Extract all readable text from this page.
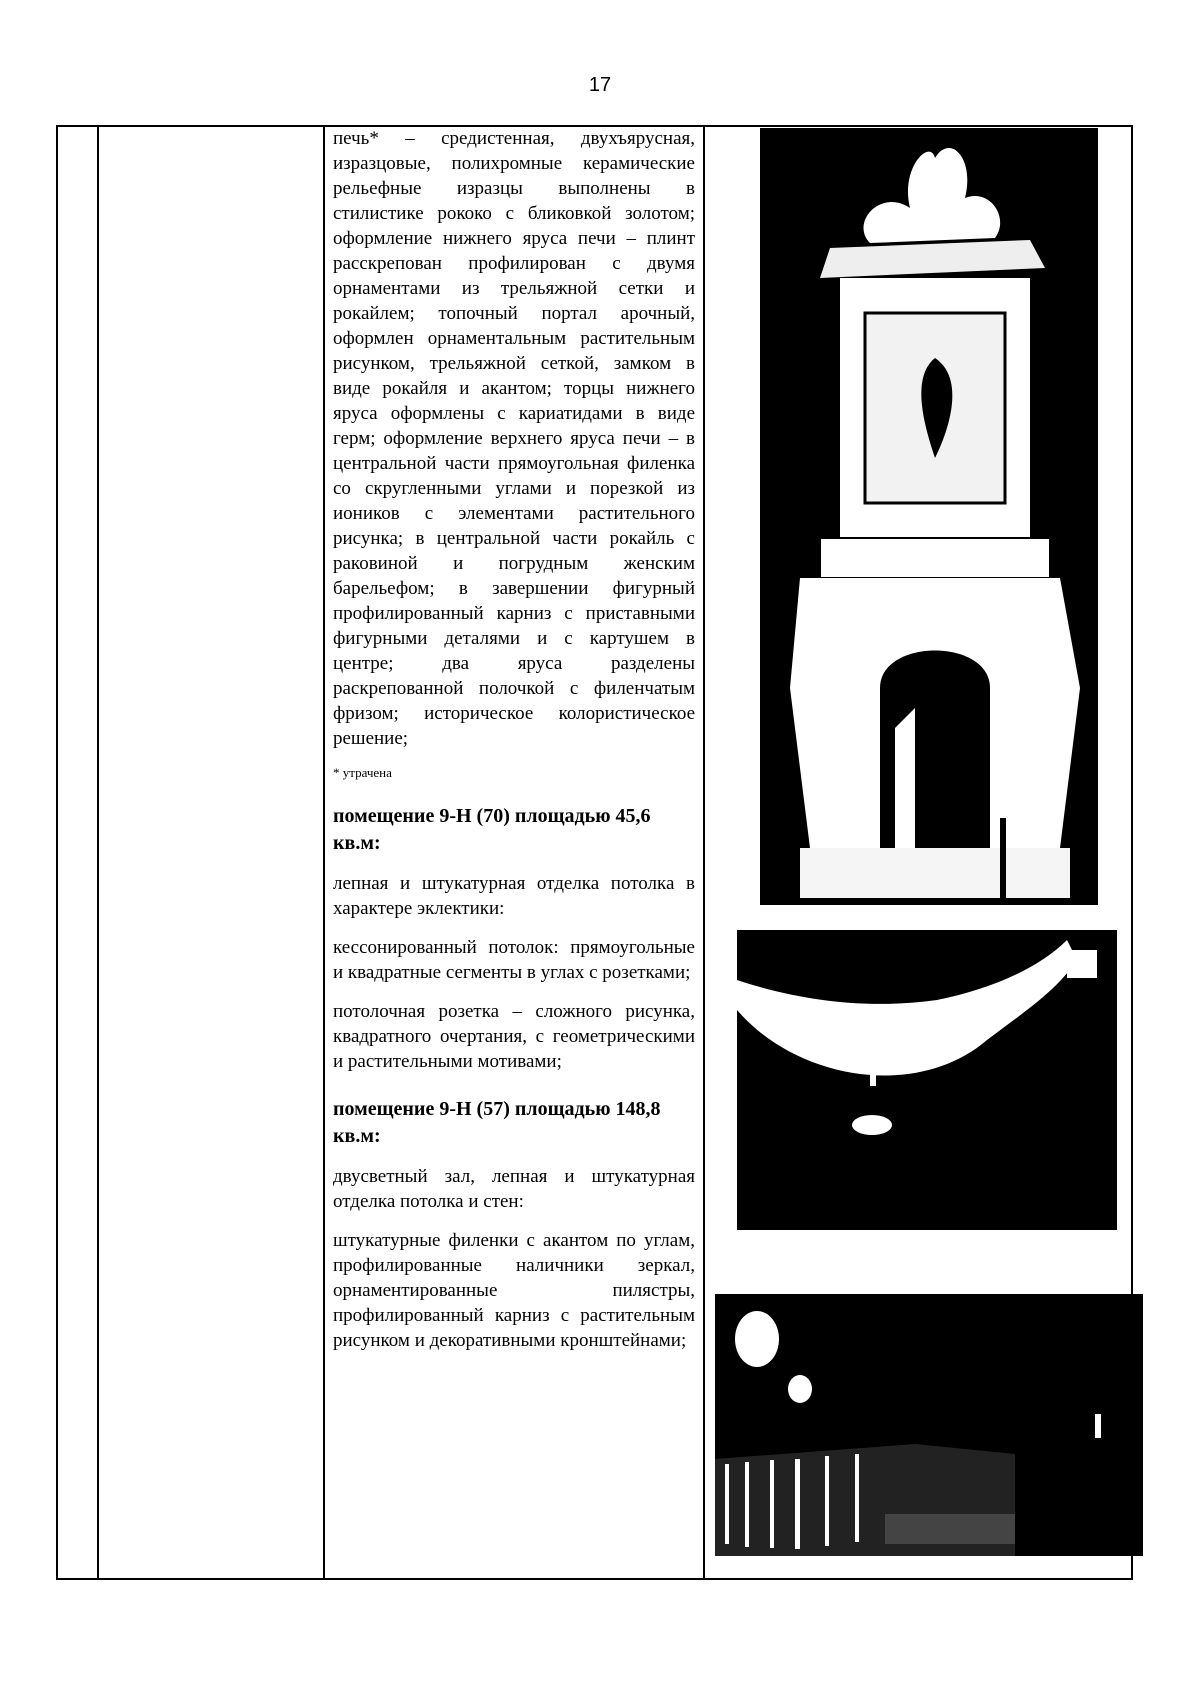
17

печь* – средистенная, двухъярусная, изразцовые, полихромные керамические рельефные изразцы выполнены в стилистике рококо с бликовкой золотом; оформление нижнего яруса печи – плинт расскрепован профилирован с двумя орнаментами из трельяжной сетки и рокайлем; топочный портал арочный, оформлен орнаментальным растительным рисунком, трельяжной сеткой, замком в виде рокайля и акантом; торцы нижнего яруса оформлены с кариатидами в виде герм; оформление верхнего яруса печи – в центральной части прямоугольная филенка со скругленными углами и порезкой из иоников с элементами растительного рисунка; в центральной части рокайль с раковиной и погрудным женским барельефом; в завершении фигурный профилированный карниз с приставными фигурными деталями и с картушем в центре; два яруса разделены раскрепованной полочкой с филенчатым фризом; историческое колористическое решение;

* утрачена

помещение 9-Н (70) площадью 45,6 кв.м:

лепная и штукатурная отделка потолка в характере эклектики:

кессонированный потолок: прямоугольные и квадратные сегменты в углах с розетками;

потолочная розетка – сложного рисунка, квадратного очертания, с геометрическими и растительными мотивами;

помещение 9-Н (57) площадью 148,8 кв.м:

двусветный зал, лепная и штукатурная отделка потолка и стен:

штукатурные филенки с акантом по углам, профилированные наличники зеркал, орнаментированные пилястры, профилированный карниз с растительным рисунком и декоративными кронштейнами;
